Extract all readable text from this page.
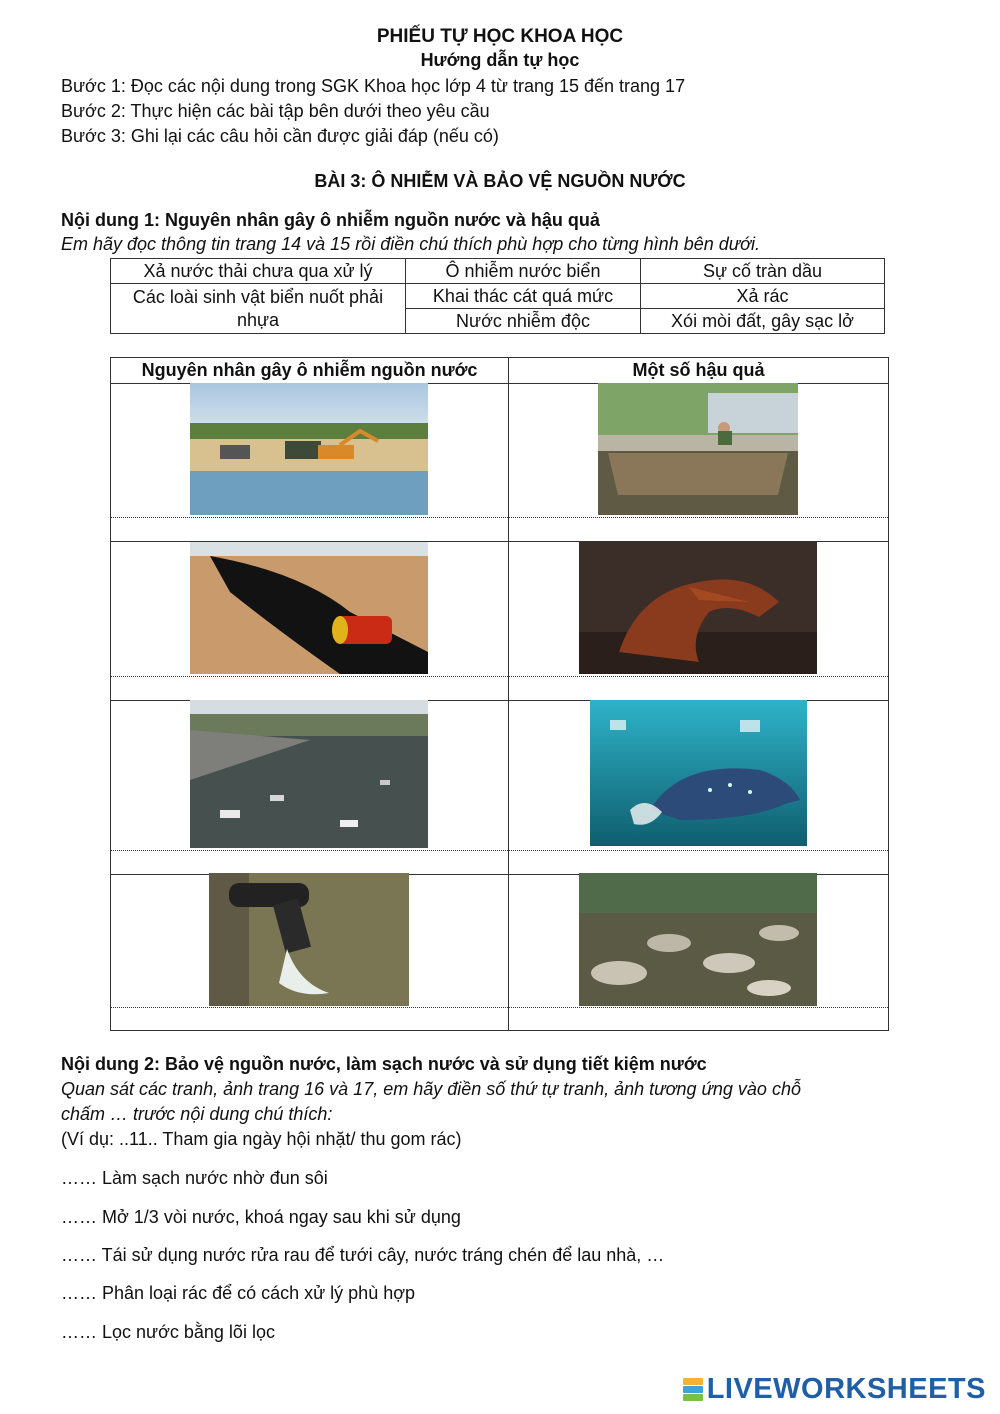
PHIẾU TỰ HỌC KHOA HỌC
Hướng dẫn tự học
Bước 1: Đọc các nội dung trong SGK Khoa học lớp 4 từ trang 15 đến trang 17
Bước 2: Thực hiện các bài tập bên dưới theo yêu cầu
Bước 3: Ghi lại các câu hỏi cần được giải đáp (nếu có)
BÀI 3: Ô NHIỄM VÀ BẢO VỆ NGUỒN NƯỚC
Nội dung 1: Nguyên nhân gây ô nhiễm nguồn nước và hậu quả
Em hãy đọc thông tin trang 14 và 15 rồi điền chú thích phù hợp cho từng hình bên dưới.
Xả nước thải chưa qua xử lý	Ô nhiễm nước biển	Sự cố tràn dầu
Các loài sinh vật biển nuốt phải nhựa	Khai thác cát quá mức	Xả rác
	Nước nhiễm độc	Xói mòi đất, gây sạc lở
Nguyên nhân gây ô nhiễm nguồn nước	Một số hậu quả
Nội dung 2: Bảo vệ nguồn nước, làm sạch nước và sử dụng tiết kiệm nước
Quan sát các tranh, ảnh trang 16 và 17, em hãy điền số thứ tự tranh, ảnh tương ứng vào chỗ
chấm … trước nội dung chú thích:
(Ví dụ: ..11.. Tham gia ngày hội nhặt/ thu gom rác)
…… Làm sạch nước nhờ đun sôi
…… Mở 1/3 vòi nước, khoá ngay sau khi sử dụng
…… Tái sử dụng nước rửa rau để tưới cây, nước tráng chén để lau nhà, …
…… Phân loại rác để có cách xử lý phù hợp
…… Lọc nước bằng lõi lọc
LIVEWORKSHEETS
